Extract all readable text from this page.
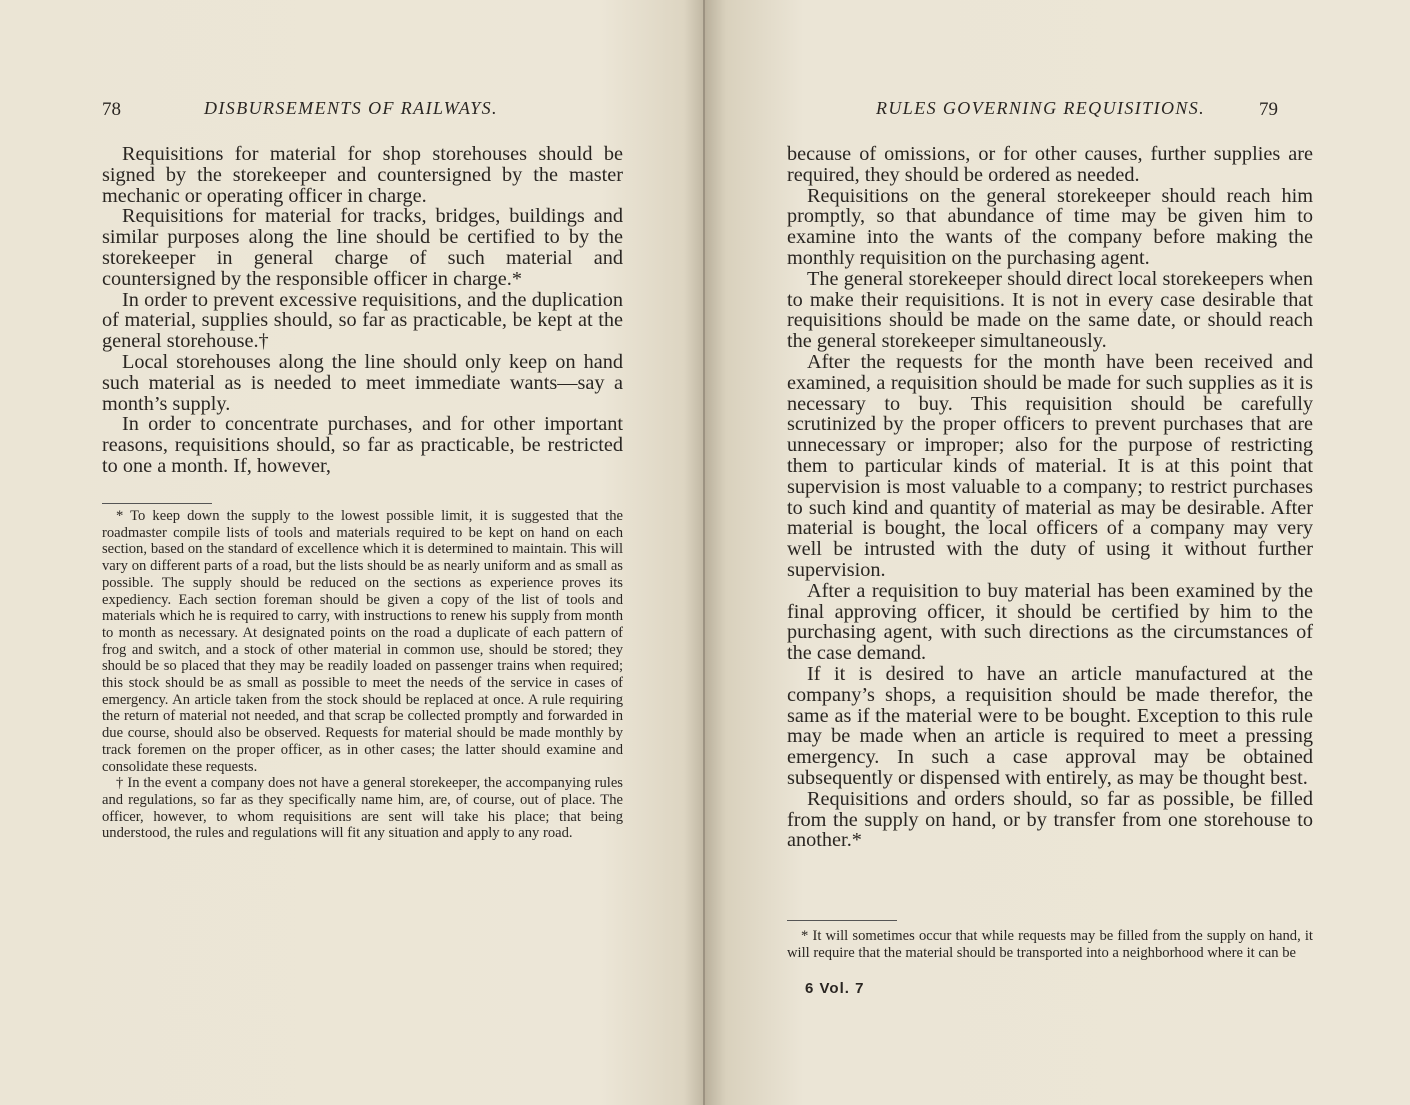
78	DISBURSEMENTS OF RAILWAYS.

Requisitions for material for shop storehouses should be signed by the storekeeper and countersigned by the master mechanic or operating officer in charge.

Requisitions for material for tracks, bridges, buildings and similar purposes along the line should be certified to by the storekeeper in general charge of such material and countersigned by the responsible officer in charge.*

In order to prevent excessive requisitions, and the duplication of material, supplies should, so far as practicable, be kept at the general storehouse.†

Local storehouses along the line should only keep on hand such material as is needed to meet immediate wants—say a month’s supply.

In order to concentrate purchases, and for other important reasons, requisitions should, so far as practicable, be restricted to one a month. If, however,

* To keep down the supply to the lowest possible limit, it is suggested that the roadmaster compile lists of tools and materials required to be kept on hand on each section, based on the standard of excellence which it is determined to maintain. This will vary on different parts of a road, but the lists should be as nearly uniform and as small as possible. The supply should be reduced on the sections as experience proves its expediency. Each section foreman should be given a copy of the list of tools and materials which he is required to carry, with instructions to renew his supply from month to month as necessary. At designated points on the road a duplicate of each pattern of frog and switch, and a stock of other material in common use, should be stored; they should be so placed that they may be readily loaded on passenger trains when required; this stock should be as small as possible to meet the needs of the service in cases of emergency. An article taken from the stock should be replaced at once. A rule requiring the return of material not needed, and that scrap be collected promptly and forwarded in due course, should also be observed. Requests for material should be made monthly by track foremen on the proper officer, as in other cases; the latter should examine and consolidate these requests.

† In the event a company does not have a general storekeeper, the accompanying rules and regulations, so far as they specifically name him, are, of course, out of place. The officer, however, to whom requisitions are sent will take his place; that being understood, the rules and regulations will fit any situation and apply to any road.

RULES GOVERNING REQUISITIONS.	79

because of omissions, or for other causes, further supplies are required, they should be ordered as needed.

Requisitions on the general storekeeper should reach him promptly, so that abundance of time may be given him to examine into the wants of the company before making the monthly requisition on the purchasing agent.

The general storekeeper should direct local storekeepers when to make their requisitions. It is not in every case desirable that requisitions should be made on the same date, or should reach the general storekeeper simultaneously.

After the requests for the month have been received and examined, a requisition should be made for such supplies as it is necessary to buy. This requisition should be carefully scrutinized by the proper officers to prevent purchases that are unnecessary or improper; also for the purpose of restricting them to particular kinds of material. It is at this point that supervision is most valuable to a company; to restrict purchases to such kind and quantity of material as may be desirable. After material is bought, the local officers of a company may very well be intrusted with the duty of using it without further supervision.

After a requisition to buy material has been examined by the final approving officer, it should be certified by him to the purchasing agent, with such directions as the circumstances of the case demand.

If it is desired to have an article manufactured at the company’s shops, a requisition should be made therefor, the same as if the material were to be bought. Exception to this rule may be made when an article is required to meet a pressing emergency. In such a case approval may be obtained subsequently or dispensed with entirely, as may be thought best.

Requisitions and orders should, so far as possible, be filled from the supply on hand, or by transfer from one storehouse to another.*

* It will sometimes occur that while requests may be filled from the supply on hand, it will require that the material should be transported into a neighborhood where it can be

6 Vol. 7
